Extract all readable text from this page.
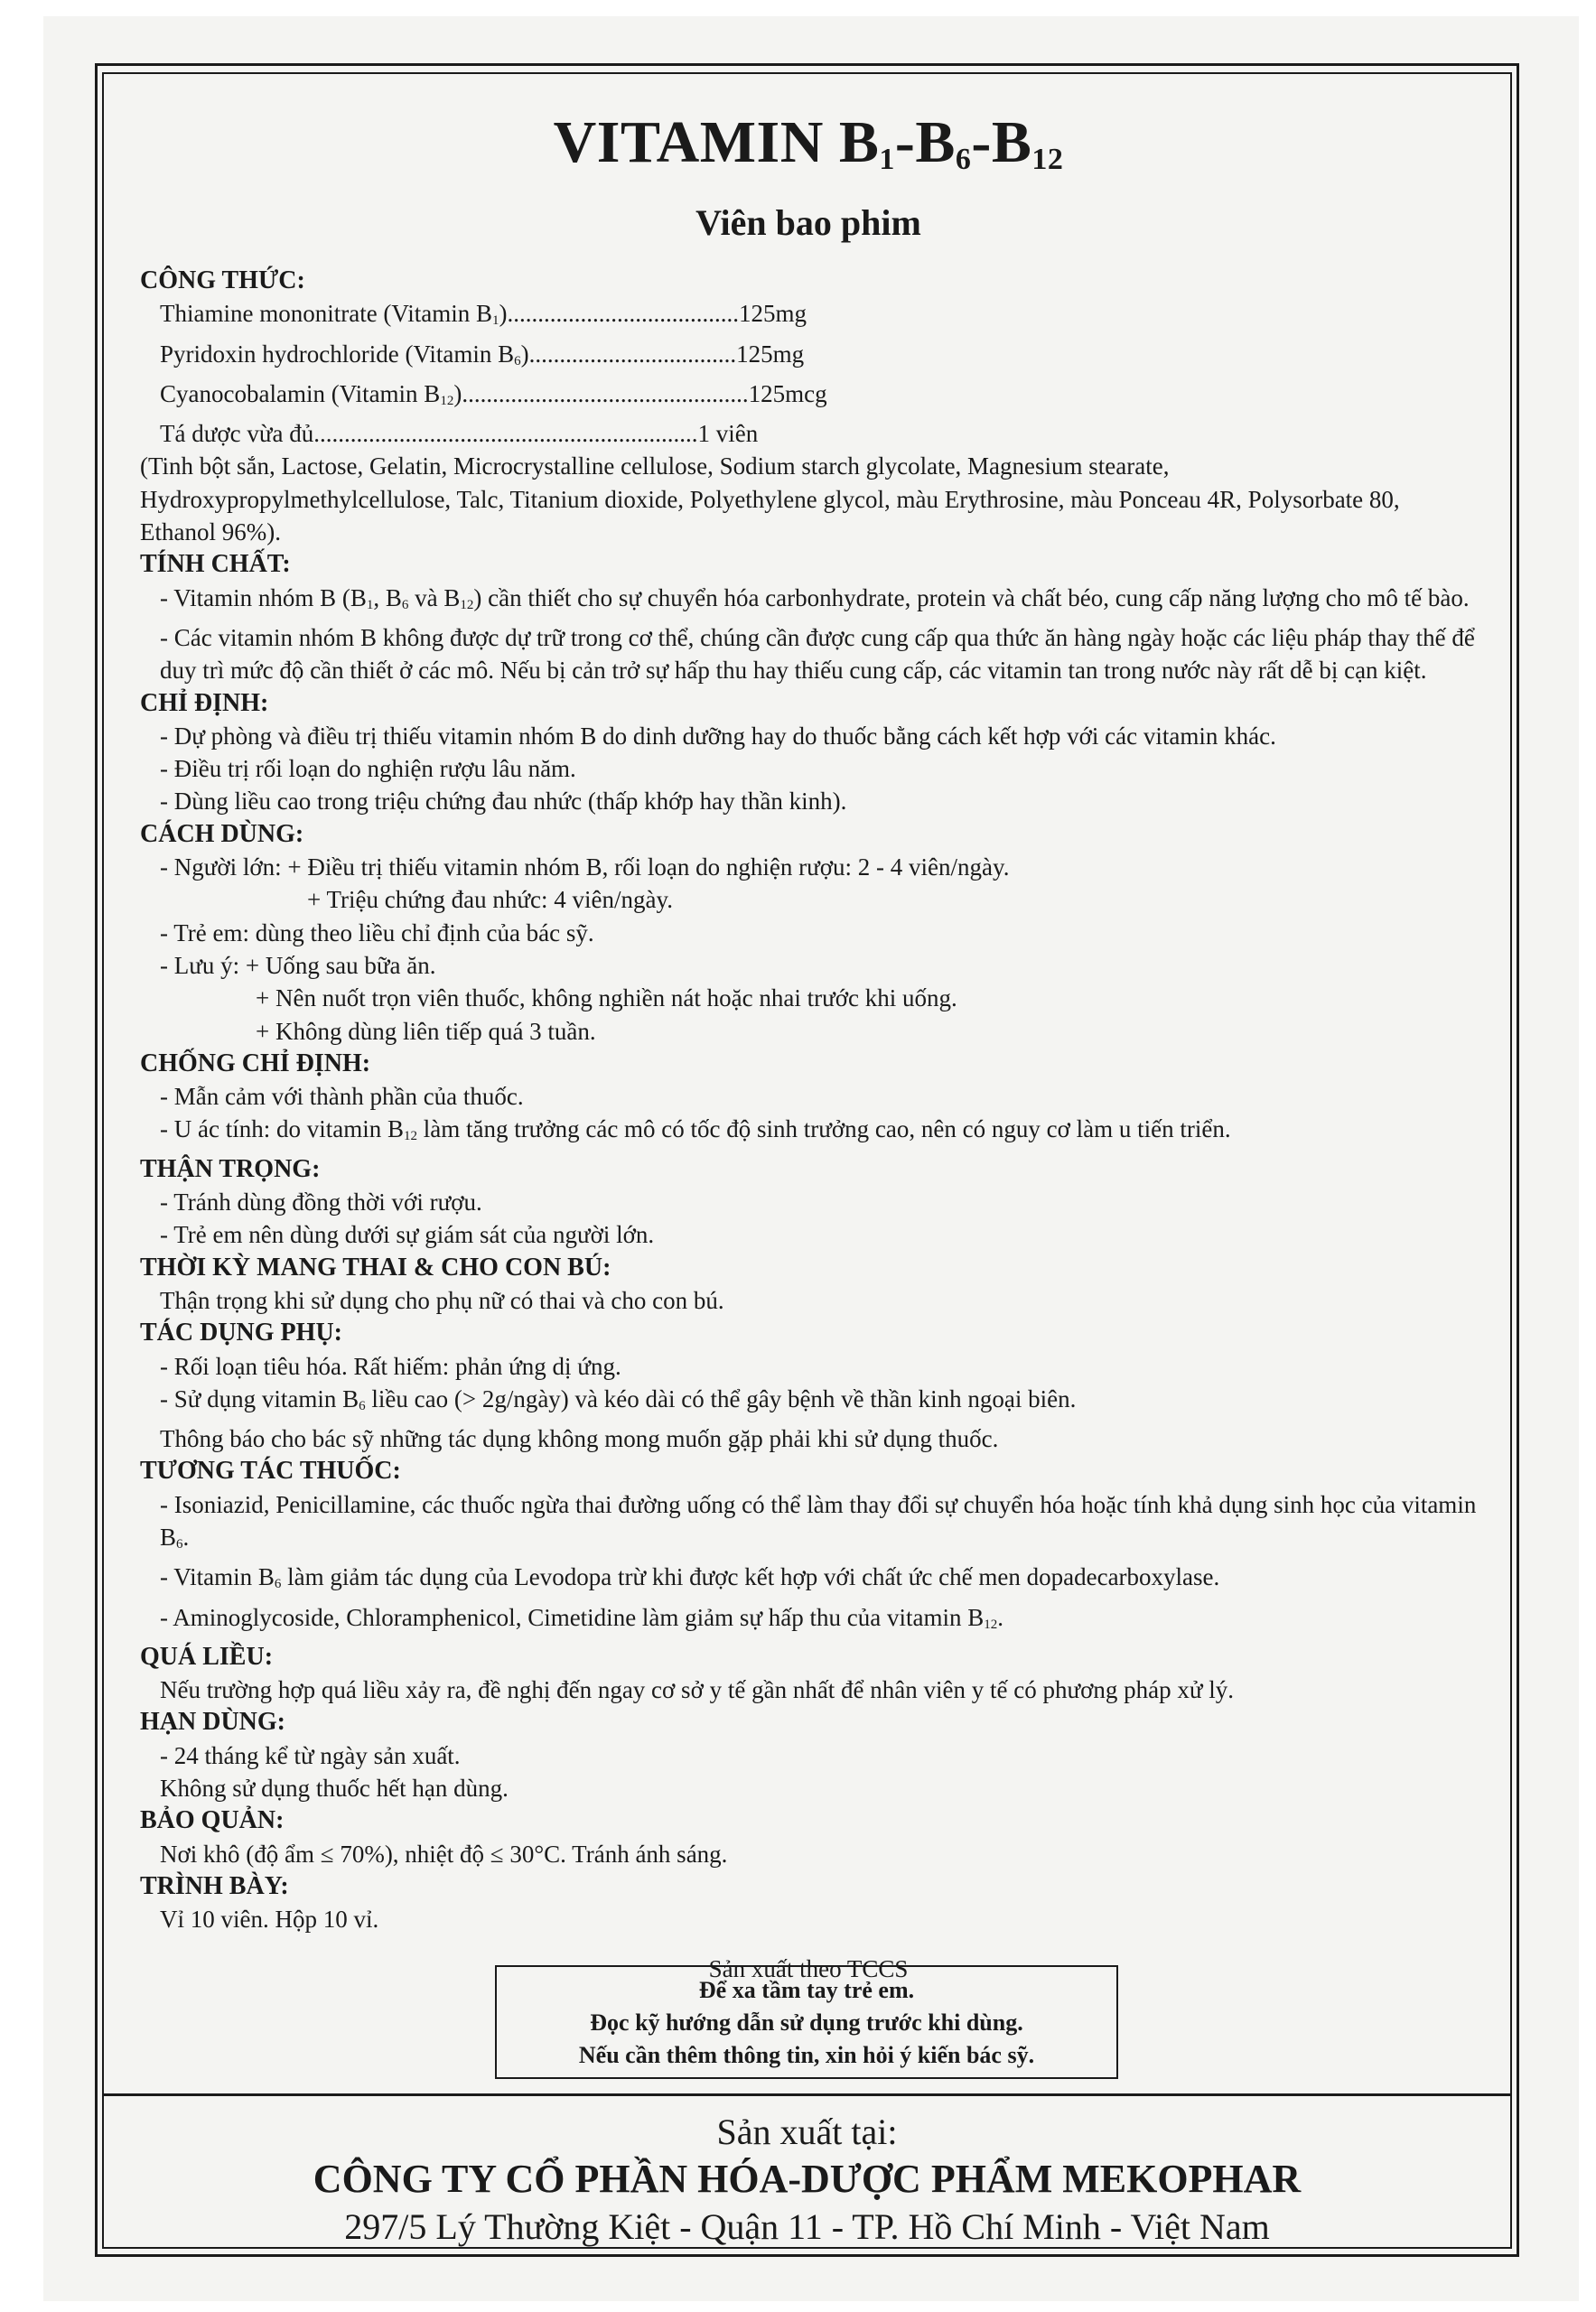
VITAMIN $B_1-B_6-B_{12}$
Viên bao phim
CÔNG THỨC:
Thiamine mononitrate (Vitamin $B_1$) ...................................... 125mg
Pyridoxin hydrochloride (Vitamin $B_6$) .................................. 125mg
Cyanocobalamin (Vitamin $B_{12}$) ............................................... 125mcg
Tá dược vừa đủ ............................................................... 1 viên

(Tinh bột sắn, Lactose, Gelatin, Microcrystalline cellulose, Sodium starch glycolate, Magnesium stearate, Hydroxypropylmethylcellulose, Talc, Titanium dioxide, Polyethylene glycol, màu Erythrosine, màu Ponceau 4R, Polysorbate 80, Ethanol 96%).

TÍNH CHẤT:

- Vitamin nhóm B ($B_1$, $B_6$ và $B_{12}$) cần thiết cho sự chuyển hóa carbonhydrate, protein và chất béo, cung cấp năng lượng cho mô tế bào.

- Các vitamin nhóm B không được dự trữ trong cơ thể, chúng cần được cung cấp qua thức ăn hàng ngày hoặc các liệu pháp thay thế để duy trì mức độ cần thiết ở các mô. Nếu bị cản trở sự hấp thu hay thiếu cung cấp, các vitamin tan trong nước này rất dễ bị cạn kiệt.

CHỈ ĐỊNH:

- Dự phòng và điều trị thiếu vitamin nhóm B do dinh dưỡng hay do thuốc bằng cách kết hợp với các vitamin khác.

- Điều trị rối loạn do nghiện rượu lâu năm.

- Dùng liều cao trong triệu chứng đau nhức (thấp khớp hay thần kinh).

CÁCH DÙNG:

- Người lớn: + Điều trị thiếu vitamin nhóm B, rối loạn do nghiện rượu: 2 - 4 viên/ngày.

+ Triệu chứng đau nhức: 4 viên/ngày.

- Trẻ em: dùng theo liều chỉ định của bác sỹ.

- Lưu ý: + Uống sau bữa ăn.

+ Nên nuốt trọn viên thuốc, không nghiền nát hoặc nhai trước khi uống.

+ Không dùng liên tiếp quá 3 tuần.

CHỐNG CHỈ ĐỊNH:

- Mẫn cảm với thành phần của thuốc.

- U ác tính: do vitamin $B_{12}$ làm tăng trưởng các mô có tốc độ sinh trưởng cao, nên có nguy cơ làm u tiến triển.

THẬN TRỌNG:

- Tránh dùng đồng thời với rượu.

- Trẻ em nên dùng dưới sự giám sát của người lớn.

THỜI KỲ MANG THAI & CHO CON BÚ:

Thận trọng khi sử dụng cho phụ nữ có thai và cho con bú.

TÁC DỤNG PHỤ:

- Rối loạn tiêu hóa. Rất hiếm: phản ứng dị ứng.

- Sử dụng vitamin $B_6$ liều cao (> 2g/ngày) và kéo dài có thể gây bệnh về thần kinh ngoại biên.

Thông báo cho bác sỹ những tác dụng không mong muốn gặp phải khi sử dụng thuốc.

TƯƠNG TÁC THUỐC:

- Isoniazid, Penicillamine, các thuốc ngừa thai đường uống có thể làm thay đổi sự chuyển hóa hoặc tính khả dụng sinh học của vitamin $B_6$.

- Vitamin $B_6$ làm giảm tác dụng của Levodopa trừ khi được kết hợp với chất ức chế men dopadecarboxylase.

- Aminoglycoside, Chloramphenicol, Cimetidine làm giảm sự hấp thu của vitamin $B_{12}$.

QUÁ LIỀU:

Nếu trường hợp quá liều xảy ra, đề nghị đến ngay cơ sở y tế gần nhất để nhân viên y tế có phương pháp xử lý.

HẠN DÙNG:

- 24 tháng kể từ ngày sản xuất.

Không sử dụng thuốc hết hạn dùng.

BẢO QUẢN:

Nơi khô (độ ẩm ≤ 70%), nhiệt độ ≤ 30°C. Tránh ánh sáng.

TRÌNH BÀY:

Vỉ 10 viên. Hộp 10 vỉ.

Sản xuất theo TCCS

Để xa tầm tay trẻ em.
Đọc kỹ hướng dẫn sử dụng trước khi dùng.
Nếu cần thêm thông tin, xin hỏi ý kiến bác sỹ.
Sản xuất tại:
CÔNG TY CỔ PHẦN HÓA-DƯỢC PHẨM MEKOPHAR
297/5 Lý Thường Kiệt - Quận 11 - TP. Hồ Chí Minh - Việt Nam
